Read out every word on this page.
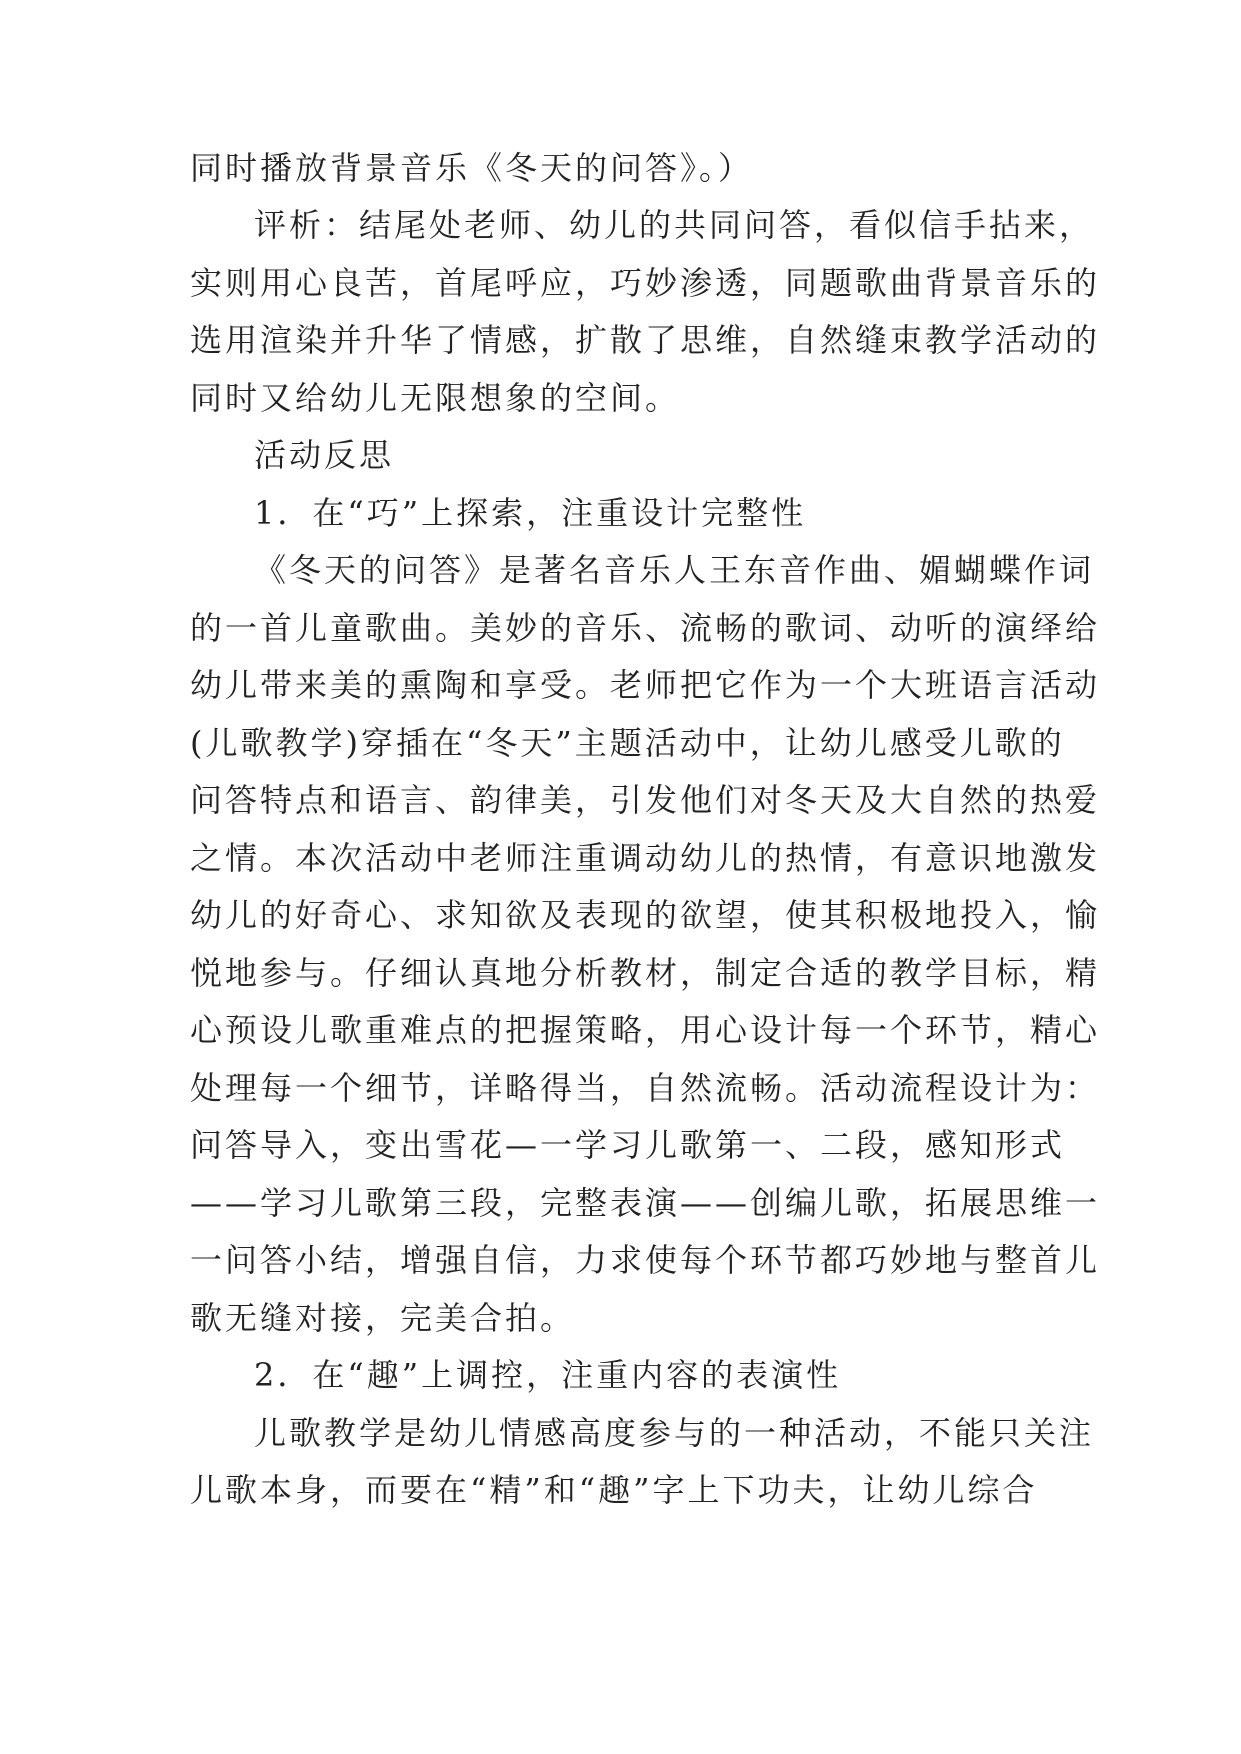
同时播放背景音乐《冬天的问答》。）
评析：结尾处老师、幼儿的共同问答，看似信手拈来，
实则用心良苦，首尾呼应，巧妙渗透，同题歌曲背景音乐的
选用渲染并升华了情感，扩散了思维，自然缝束教学活动的
同时又给幼儿无限想象的空间。
活动反思
1．在“巧”上探索，注重设计完整性
《冬天的问答》是著名音乐人王东音作曲、媚蝴蝶作词
的一首儿童歌曲。美妙的音乐、流畅的歌词、动听的演绎给
幼儿带来美的熏陶和享受。老师把它作为一个大班语言活动
(儿歌教学)穿插在“冬天”主题活动中，让幼儿感受儿歌的
问答特点和语言、韵律美，引发他们对冬天及大自然的热爱
之情。本次活动中老师注重调动幼儿的热情，有意识地激发
幼儿的好奇心、求知欲及表现的欲望，使其积极地投入，愉
悦地参与。仔细认真地分析教材，制定合适的教学目标，精
心预设儿歌重难点的把握策略，用心设计每一个环节，精心
处理每一个细节，详略得当，自然流畅。活动流程设计为：
问答导入，变出雪花—一学习儿歌第一、二段，感知形式
——学习儿歌第三段，完整表演——创编儿歌，拓展思维一
一问答小结，增强自信，力求使每个环节都巧妙地与整首儿
歌无缝对接，完美合拍。
2．在“趣”上调控，注重内容的表演性
儿歌教学是幼儿情感高度参与的一种活动，不能只关注
儿歌本身，而要在“精”和“趣”字上下功夫，让幼儿综合
